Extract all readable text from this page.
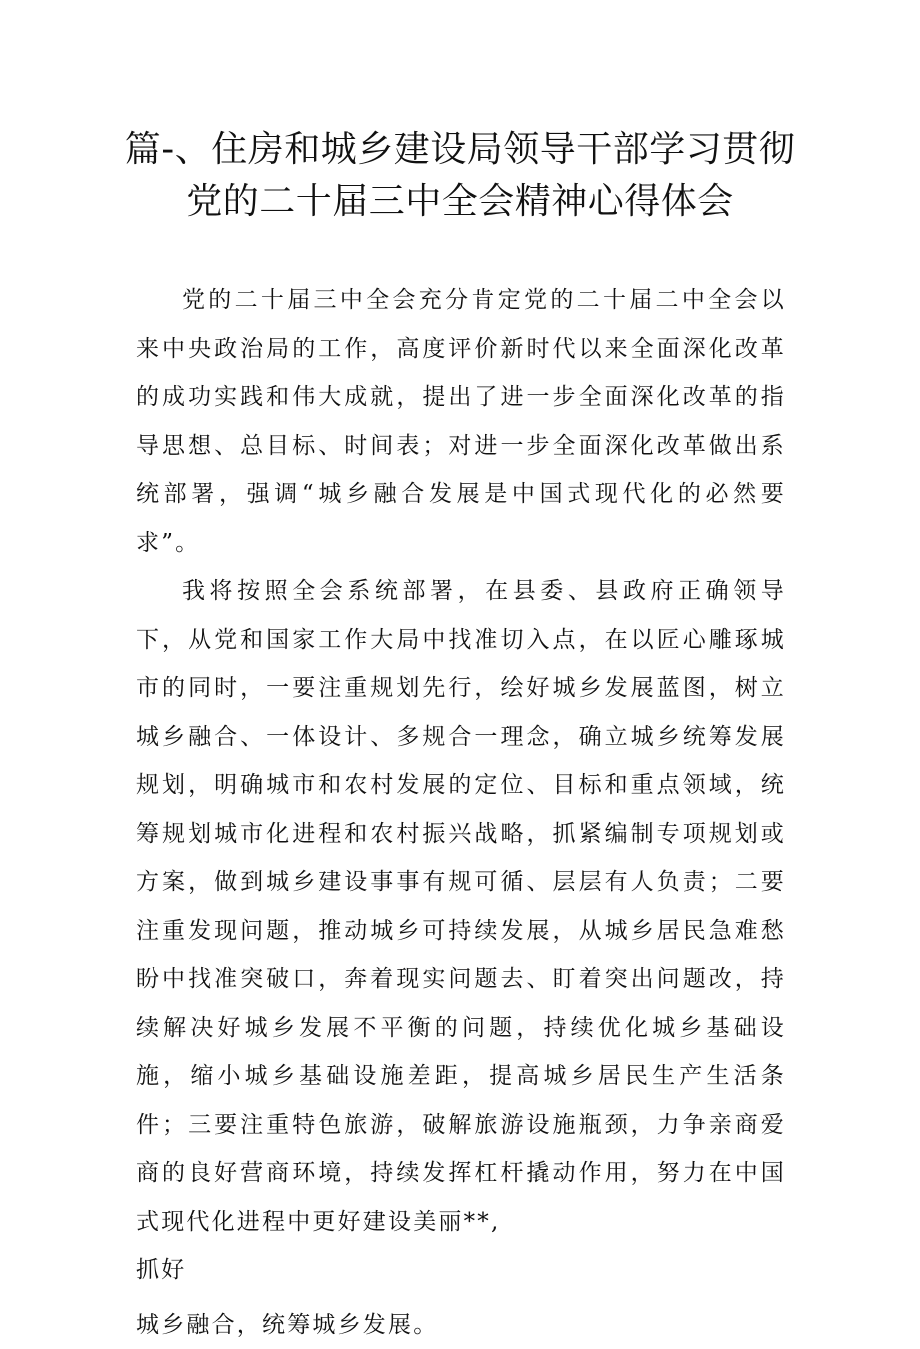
篇-、住房和城乡建设局领导干部学习贯彻
党的二十届三中全会精神心得体会

党的二十届三中全会充分肯定党的二十届二中全会以来中央政治局的工作，高度评价新时代以来全面深化改革的成功实践和伟大成就，提出了进一步全面深化改革的指导思想、总目标、时间表；对进一步全面深化改革做出系统部署，强调“城乡融合发展是中国式现代化的必然要求”。

我将按照全会系统部署，在县委、县政府正确领导下，从党和国家工作大局中找准切入点，在以匠心雕琢城市的同时，一要注重规划先行，绘好城乡发展蓝图，树立城乡融合、一体设计、多规合一理念，确立城乡统筹发展规划，明确城市和农村发展的定位、目标和重点领域，统筹规划城市化进程和农村振兴战略，抓紧编制专项规划或方案，做到城乡建设事事有规可循、层层有人负责；二要注重发现问题，推动城乡可持续发展，从城乡居民急难愁盼中找准突破口，奔着现实问题去、盯着突出问题改，持续解决好城乡发展不平衡的问题，持续优化城乡基础设施，缩小城乡基础设施差距，提高城乡居民生产生活条件；三要注重特色旅游，破解旅游设施瓶颈，力争亲商爱商的良好营商环境，持续发挥杠杆撬动作用，努力在中国式现代化进程中更好建设美丽**,

抓好

城乡融合，统筹城乡发展。
